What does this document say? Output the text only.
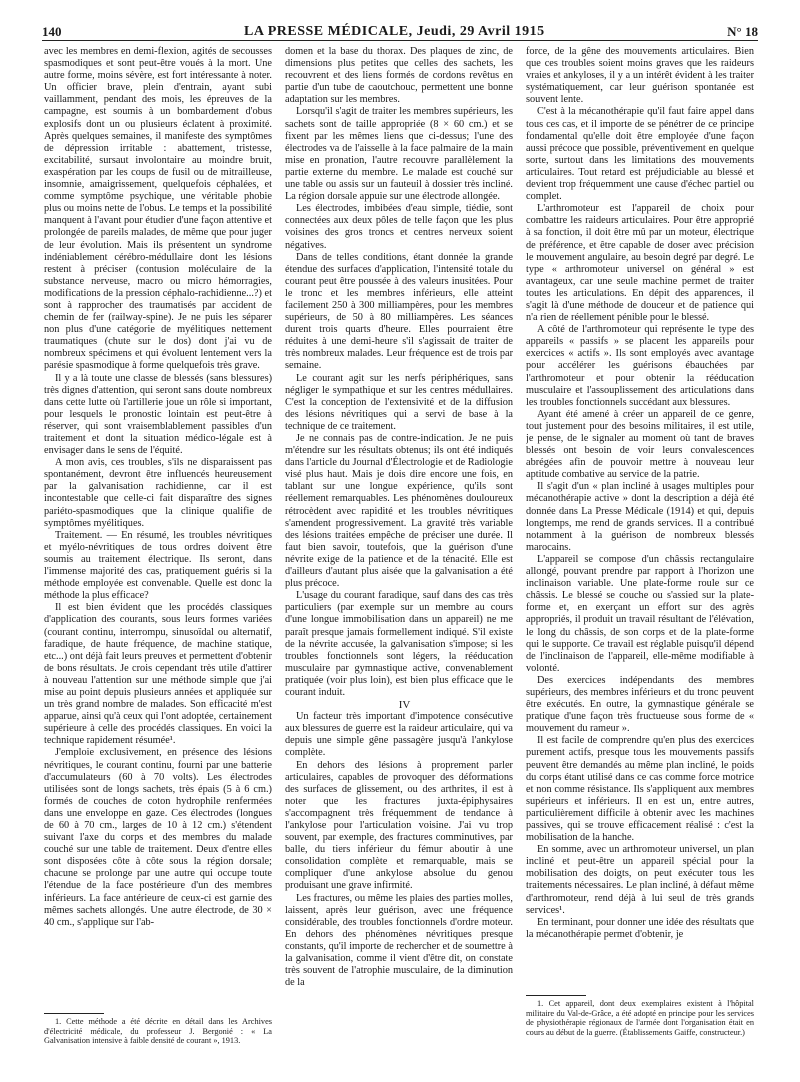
140	LA PRESSE MÉDICALE, Jeudi, 29 Avril 1915	N° 18

avec les membres en demi-flexion, agités de secousses spasmodiques et sont peut-être voués à la mort. Une autre forme, moins sévère, est fort intéressante à noter. Un officier brave, plein d'entrain, ayant subi vaillamment, pendant des mois, les épreuves de la campagne, est soumis à un bombardement d'obus explosifs dont un ou plusieurs éclatent à proximité. Après quelques semaines, il manifeste des symptômes de dépression irritable : abattement, tristesse, excitabilité, sursaut involontaire au moindre bruit, exaspération par les coups de fusil ou de mitrailleuse, insomnie, amaigrissement, quelquefois céphalées, et comme symptôme psychique, une véritable phobie plus ou moins nette de l'obus. Le temps et la possibilité manquent à l'avant pour étudier d'une façon attentive et prolongée de pareils malades, de même que pour juger de leur évolution. Mais ils présentent un syndrome indéniablement cérébro-médullaire dont les lésions restent à préciser (contusion moléculaire de la substance nerveuse, macro ou micro hémorragies, modifications de la pression céphalo-rachidienne...?) et sont à rapprocher des traumatisés par accident de chemin de fer (railway-spine). Je ne puis les séparer non plus d'une catégorie de myélitiques nettement traumatiques (chute sur le dos) dont j'ai vu de nombreux spécimens et qui évoluent lentement vers la parésie spasmodique à forme quelquefois très grave.

Il y a là toute une classe de blessés (sans blessures) très dignes d'attention, qui seront sans doute nombreux dans cette lutte où l'artillerie joue un rôle si important, pour lesquels le pronostic lointain est peut-être à réserver, qui sont vraisemblablement passibles d'un traitement et dont la situation médico-légale est à envisager dans le sens de l'équité.

A mon avis, ces troubles, s'ils ne disparaissent pas spontanément, devront être influencés heureusement par la galvanisation rachidienne, car il est incontestable que celle-ci fait disparaître des signes pariéto-spasmodiques que la clinique qualifie de symptômes myélitiques.

Traitement. — En résumé, les troubles névritiques et myélo-névritiques de tous ordres doivent être soumis au traitement électrique. Ils seront, dans l'immense majorité des cas, pratiquement guéris si la méthode employée est convenable. Quelle est donc la méthode la plus efficace?

Il est bien évident que les procédés classiques d'application des courants, sous leurs formes variées (courant continu, interrompu, sinusoïdal ou alternatif, faradique, de haute fréquence, de machine statique, etc...) ont déjà fait leurs preuves et permettent d'obtenir de bons résultats. Je crois cependant très utile d'attirer à nouveau l'attention sur une méthode simple que j'ai mise au point depuis plusieurs années et appliquée sur un très grand nombre de malades. Son efficacité m'est apparue, ainsi qu'à ceux qui l'ont adoptée, certainement supérieure à celle des procédés classiques. En voici la technique rapidement résumée¹.

J'emploie exclusivement, en présence des lésions névritiques, le courant continu, fourni par une batterie d'accumulateurs (60 à 70 volts). Les électrodes utilisées sont de longs sachets, très épais (5 à 6 cm.) formés de couches de coton hydrophile renfermées dans une enveloppe en gaze. Ces électrodes (longues de 60 à 70 cm., larges de 10 à 12 cm.) s'étendent suivant l'axe du corps et des membres du malade couché sur une table de traitement. Deux d'entre elles sont disposées côte à côte sous la région dorsale; chacune se prolonge par une autre qui occupe toute l'étendue de la face postérieure d'un des membres inférieurs. La face antérieure de ceux-ci est garnie des mêmes sachets allongés. Une autre électrode, de 30 × 40 cm., s'applique sur l'ab-

1. Cette méthode a été décrite en détail dans les Archives d'électricité médicale, du professeur J. Bergonié : « La Galvanisation intensive à faible densité de courant », 1913.

domen et la base du thorax. Des plaques de zinc, de dimensions plus petites que celles des sachets, les recouvrent et des liens formés de cordons revêtus en partie d'un tube de caoutchouc, permettent une bonne adaptation sur les membres.

Lorsqu'il s'agit de traiter les membres supérieurs, les sachets sont de taille appropriée (8 × 60 cm.) et se fixent par les mêmes liens que ci-dessus; l'une des électrodes va de l'aisselle à la face palmaire de la main mise en pronation, l'autre recouvre parallèlement la partie externe du membre. Le malade est couché sur une table ou assis sur un fauteuil à dossier très incliné. La région dorsale appuie sur une électrode allongée.

Les électrodes, imbibées d'eau simple, tiédie, sont connectées aux deux pôles de telle façon que les plus voisines des gros troncs et centres nerveux soient négatives.

Dans de telles conditions, étant donnée la grande étendue des surfaces d'application, l'intensité totale du courant peut être poussée à des valeurs inusitées. Pour le tronc et les membres inférieurs, elle atteint facilement 250 à 300 milliampères, pour les membres supérieurs, de 50 à 80 milliampères. Les séances durent trois quarts d'heure. Elles pourraient être réduites à une demi-heure s'il s'agissait de traiter de très nombreux malades. Leur fréquence est de trois par semaine.

Le courant agit sur les nerfs périphériques, sans négliger le sympathique et sur les centres médullaires. C'est la conception de l'extensivité et de la diffusion des lésions névritiques qui a servi de base à la technique de ce traitement.

Je ne connais pas de contre-indication. Je ne puis m'étendre sur les résultats obtenus; ils ont été indiqués dans l'article du Journal d'Électrologie et de Radiologie visé plus haut. Mais je dois dire encore une fois, en tablant sur une longue expérience, qu'ils sont réellement remarquables. Les phénomènes douloureux rétrocèdent avec rapidité et les troubles névritiques s'amendent progressivement. La gravité très variable des lésions traitées empêche de préciser une durée. Il faut bien savoir, toutefois, que la guérison d'une névrite exige de la patience et de la ténacité. Elle est d'ailleurs d'autant plus aisée que la galvanisation a été plus précoce.

L'usage du courant faradique, sauf dans des cas très particuliers (par exemple sur un membre au cours d'une longue immobilisation dans un appareil) ne me paraît presque jamais formellement indiqué. S'il existe de la névrite accusée, la galvanisation s'impose; si les troubles fonctionnels sont légers, la rééducation musculaire par gymnastique active, convenablement pratiquée (voir plus loin), est bien plus efficace que le courant induit.

IV

Un facteur très important d'impotence consécutive aux blessures de guerre est la raideur articulaire, qui va depuis une simple gêne passagère jusqu'à l'ankylose complète.

En dehors des lésions à proprement parler articulaires, capables de provoquer des déformations des surfaces de glissement, ou des arthrites, il est à noter que les fractures juxta-épiphysaires s'accompagnent très fréquemment de tendance à l'ankylose pour l'articulation voisine. J'ai vu trop souvent, par exemple, des fractures comminutives, par balle, du tiers inférieur du fémur aboutir à une consolidation complète et remarquable, mais se compliquer d'une ankylose absolue du genou produisant une grave infirmité.

Les fractures, ou même les plaies des parties molles, laissent, après leur guérison, avec une fréquence considérable, des troubles fonctionnels d'ordre moteur. En dehors des phénomènes névritiques presque constants, qu'il importe de rechercher et de soumettre à la galvanisation, comme il vient d'être dit, on constate très souvent de l'atrophie musculaire, de la diminution de la

force, de la gêne des mouvements articulaires. Bien que ces troubles soient moins graves que les raideurs vraies et ankyloses, il y a un intérêt évident à les traiter systématiquement, car leur guérison spontanée est souvent lente.

C'est à la mécanothérapie qu'il faut faire appel dans tous ces cas, et il importe de se pénétrer de ce principe fondamental qu'elle doit être employée d'une façon aussi précoce que possible, préventivement en quelque sorte, surtout dans les limitations des mouvements articulaires. Tout retard est préjudiciable au blessé et devient trop fréquemment une cause d'échec partiel ou complet.

L'arthromoteur est l'appareil de choix pour combattre les raideurs articulaires. Pour être approprié à sa fonction, il doit être mû par un moteur, électrique de préférence, et être capable de doser avec précision le mouvement angulaire, au besoin degré par degré. Le type « arthromoteur universel on général » est avantageux, car une seule machine permet de traiter toutes les articulations. En dépit des apparences, il s'agit là d'une méthode de douceur et de patience qui n'a rien de réellement pénible pour le blessé.

A côté de l'arthromoteur qui représente le type des appareils « passifs » se placent les appareils pour exercices « actifs ». Ils sont employés avec avantage pour accélérer les guérisons ébauchées par l'arthromoteur et pour obtenir la rééducation musculaire et l'assouplissement des articulations dans les troubles fonctionnels succédant aux blessures.

Ayant été amené à créer un appareil de ce genre, tout justement pour des besoins militaires, il est utile, je pense, de le signaler au moment où tant de braves blessés ont besoin de voir leurs convalescences abrégées afin de pouvoir mettre à nouveau leur aptitude combative au service de la patrie.

Il s'agit d'un « plan incliné à usages multiples pour mécanothérapie active » dont la description a déjà été donnée dans La Presse Médicale (1914) et qui, depuis longtemps, me rend de grands services. Il a contribué notamment à la guérison de nombreux blessés marocains.

L'appareil se compose d'un châssis rectangulaire allongé, pouvant prendre par rapport à l'horizon une inclinaison variable. Une plate-forme roule sur ce châssis. Le blessé se couche ou s'assied sur la plate-forme et, en exerçant un effort sur des agrès appropriés, il produit un travail résultant de l'élévation, le long du châssis, de son corps et de la plate-forme qui le supporte. Ce travail est réglable puisqu'il dépend de l'inclinaison de l'appareil, elle-même modifiable à volonté.

Des exercices indépendants des membres supérieurs, des membres inférieurs et du tronc peuvent être exécutés. En outre, la gymnastique générale se pratique d'une façon très fructueuse sous forme de « mouvement du rameur ».

Il est facile de comprendre qu'en plus des exercices purement actifs, presque tous les mouvements passifs peuvent être demandés au même plan incliné, le poids du corps étant utilisé dans ce cas comme force motrice et non comme résistance. Ils s'appliquent aux membres supérieurs et inférieurs. Il en est un, entre autres, particulièrement difficile à obtenir avec les machines passives, qui se trouve efficacement réalisé : c'est la mobilisation de la hanche.

En somme, avec un arthromoteur universel, un plan incliné et peut-être un appareil spécial pour la mobilisation des doigts, on peut exécuter tous les traitements nécessaires. Le plan incliné, à défaut même d'arthromoteur, rend déjà à lui seul de très grands services¹.

En terminant, pour donner une idée des résultats que la mécanothérapie permet d'obtenir, je

1. Cet appareil, dont deux exemplaires existent à l'hôpital militaire du Val-de-Grâce, a été adopté en principe pour les services de physiothérapie régionaux de l'armée dont l'organisation était en cours au début de la guerre. (Établissements Gaiffe, constructeur.)
